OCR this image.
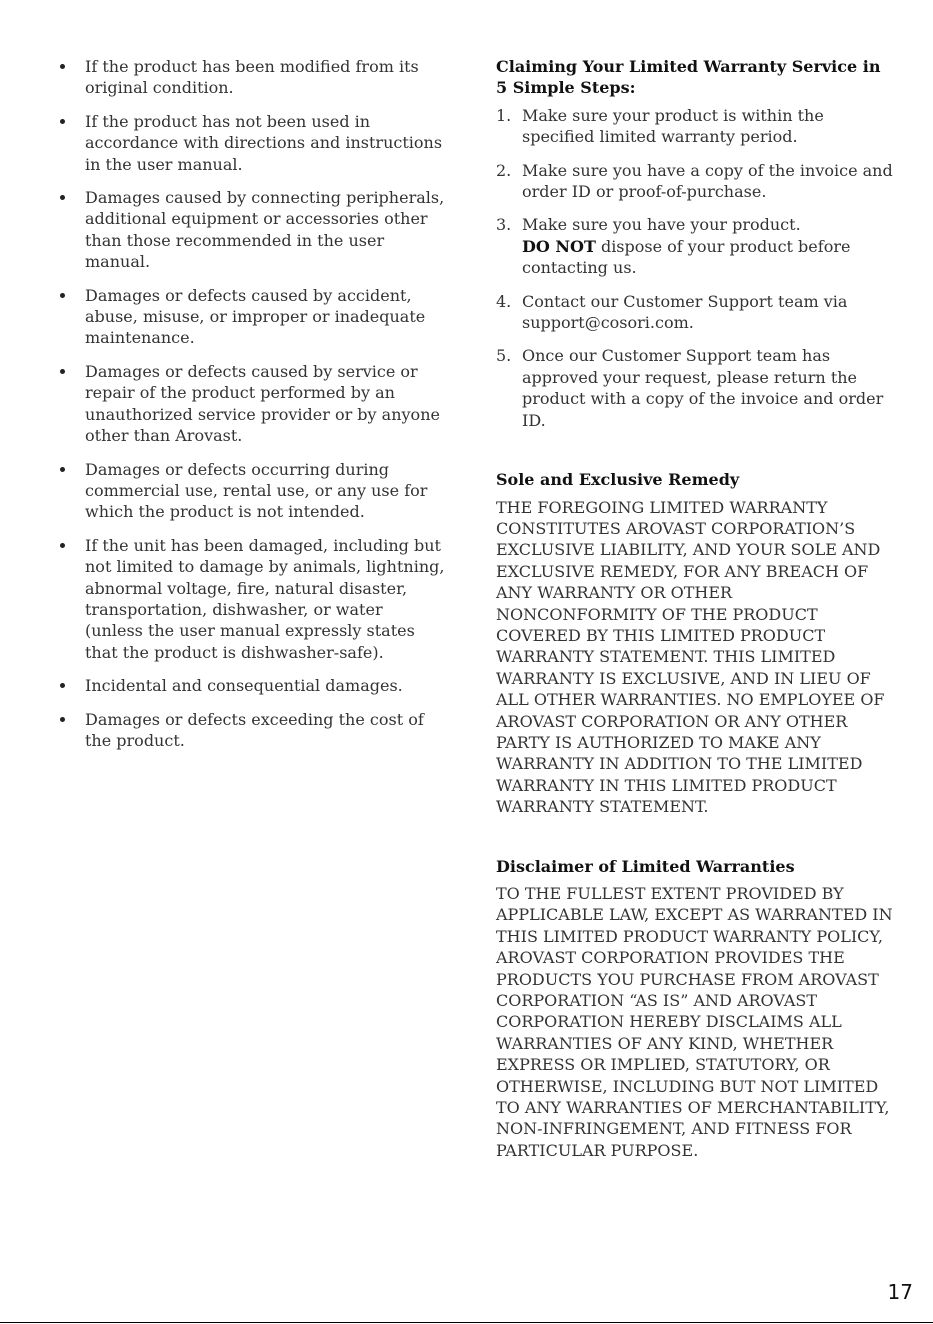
If the product has been modified from its original condition.
If the product has not been used in accordance with directions and instructions in the user manual.
Damages caused by connecting peripherals, additional equipment or accessories other than those recommended in the user manual.
Damages or defects caused by accident, abuse, misuse, or improper or inadequate maintenance.
Damages or defects caused by service or repair of the product performed by an unauthorized service provider or by anyone other than Arovast.
Damages or defects occurring during commercial use, rental use, or any use for which the product is not intended.
If the unit has been damaged, including but not limited to damage by animals, lightning, abnormal voltage, fire, natural disaster, transportation, dishwasher, or water (unless the user manual expressly states that the product is dishwasher-safe).
Incidental and consequential damages.
Damages or defects exceeding the cost of the product.
Claiming Your Limited Warranty Service in 5 Simple Steps:
1. Make sure your product is within the specified limited warranty period.
2. Make sure you have a copy of the invoice and order ID or proof-of-purchase.
3. Make sure you have your product.
DO NOT dispose of your product before contacting us.
4. Contact our Customer Support team via support@cosori.com.
5. Once our Customer Support team has approved your request, please return the product with a copy of the invoice and order ID.
Sole and Exclusive Remedy

THE FOREGOING LIMITED WARRANTY CONSTITUTES AROVAST CORPORATION’S EXCLUSIVE LIABILITY, AND YOUR SOLE AND EXCLUSIVE REMEDY, FOR ANY BREACH OF ANY WARRANTY OR OTHER NONCONFORMITY OF THE PRODUCT COVERED BY THIS LIMITED PRODUCT WARRANTY STATEMENT. THIS LIMITED WARRANTY IS EXCLUSIVE, AND IN LIEU OF ALL OTHER WARRANTIES. NO EMPLOYEE OF AROVAST CORPORATION OR ANY OTHER PARTY IS AUTHORIZED TO MAKE ANY WARRANTY IN ADDITION TO THE LIMITED WARRANTY IN THIS LIMITED PRODUCT WARRANTY STATEMENT.

Disclaimer of Limited Warranties

TO THE FULLEST EXTENT PROVIDED BY APPLICABLE LAW, EXCEPT AS WARRANTED IN THIS LIMITED PRODUCT WARRANTY POLICY, AROVAST CORPORATION PROVIDES THE PRODUCTS YOU PURCHASE FROM AROVAST CORPORATION “AS IS” AND AROVAST CORPORATION HEREBY DISCLAIMS ALL WARRANTIES OF ANY KIND, WHETHER EXPRESS OR IMPLIED, STATUTORY, OR OTHERWISE, INCLUDING BUT NOT LIMITED TO ANY WARRANTIES OF MERCHANTABILITY, NON-INFRINGEMENT, AND FITNESS FOR PARTICULAR PURPOSE.

17
